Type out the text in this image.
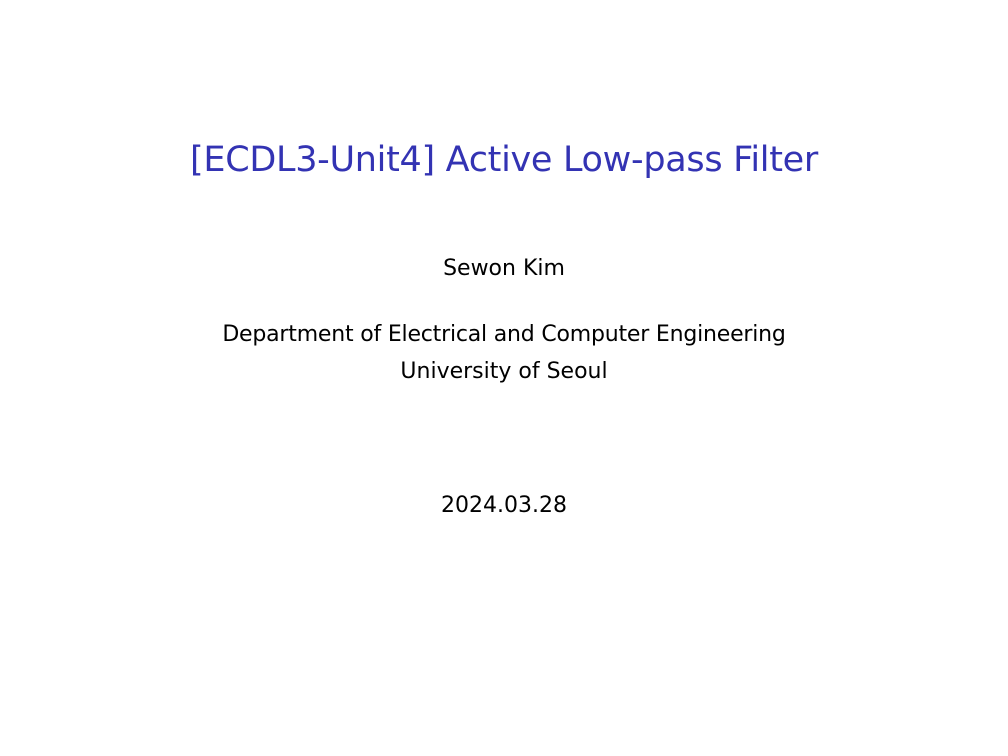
[ECDL3-Unit4] Active Low-pass Filter
Sewon Kim
Department of Electrical and Computer Engineering
University of Seoul
2024.03.28
